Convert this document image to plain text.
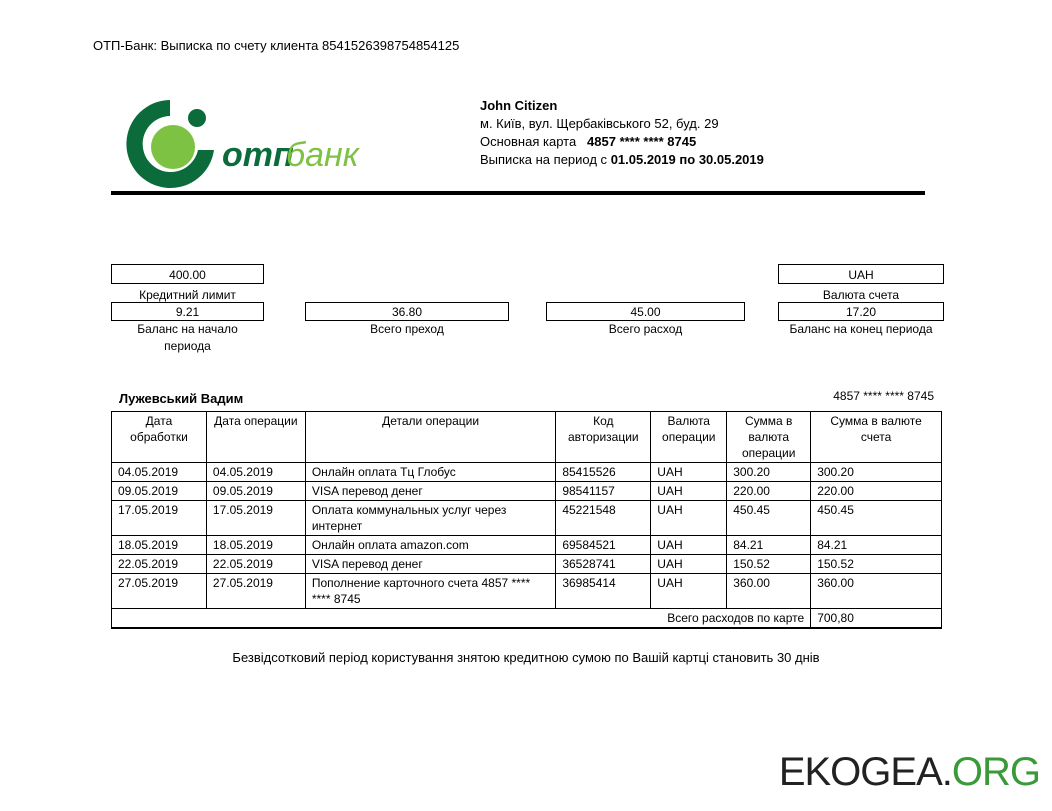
ОТП-Банк: Выписка по счету клиента 8541526398754854125
отп
банк
John Citizen
м. Київ, вул. Щербаківського 52, буд. 29
Основная карта 4857 **** **** 8745
Выписка на период с 01.05.2019 по 30.05.2019
400.00
Кредитний лимит
UAH
Валюта счета
9.21
Баланс на начало периода
36.80
Всего преход
45.00
Всего расход
17.20
Баланс на конец периода
Лужевський Вадим	4857 **** **** 8745
Дата обработки	Дата операции	Детали операции	Код авторизации	Валюта операции	Сумма в валюта операции	Сумма в валюте счета
04.05.2019	04.05.2019	Онлайн оплата Тц Глобус	85415526	UAH	300.20	300.20
09.05.2019	09.05.2019	VISA перевод денег	98541157	UAH	220.00	220.00
17.05.2019	17.05.2019	Оплата коммунальных услуг через интернет	45221548	UAH	450.45	450.45
18.05.2019	18.05.2019	Онлайн оплата amazon.com	69584521	UAH	84.21	84.21
22.05.2019	22.05.2019	VISA перевод денег	36528741	UAH	150.52	150.52
27.05.2019	27.05.2019	Пополнение карточного счета 4857 **** **** 8745	36985414	UAH	360.00	360.00
Всего расходов по карте						700,80
Безвідсотковий період користування знятою кредитною сумою по Вашій картці становить 30 днів
EKOGEA.ORG
